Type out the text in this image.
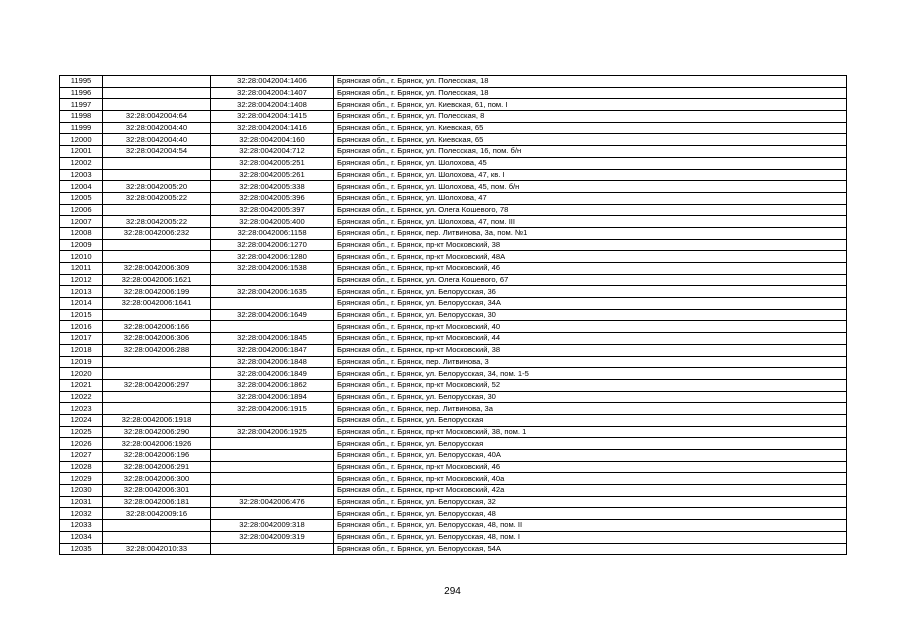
11995		32:28:0042004:1406	Брянская обл., г. Брянск, ул. Полесская, 18
11996		32:28:0042004:1407	Брянская обл., г. Брянск, ул. Полесская, 18
11997		32:28:0042004:1408	Брянская обл., г. Брянск, ул. Киевская, 61, пом. I
11998	32:28:0042004:64	32:28:0042004:1415	Брянская обл., г. Брянск, ул. Полесская, 8
11999	32:28:0042004:40	32:28:0042004:1416	Брянская обл., г. Брянск, ул. Киевская, 65
12000	32:28:0042004:40	32:28:0042004:160	Брянская обл., г. Брянск, ул. Киевская, 65
12001	32:28:0042004:54	32:28:0042004:712	Брянская обл., г. Брянск, ул. Полесская, 16, пом. б/н
12002		32:28:0042005:251	Брянская обл., г. Брянск, ул. Шолохова, 45
12003		32:28:0042005:261	Брянская обл., г. Брянск, ул. Шолохова, 47, кв. I
12004	32:28:0042005:20	32:28:0042005:338	Брянская обл., г. Брянск, ул. Шолохова, 45, пом. б/н
12005	32:28:0042005:22	32:28:0042005:396	Брянская обл., г. Брянск, ул. Шолохова, 47
12006		32:28:0042005:397	Брянская обл., г. Брянск, ул. Олега Кошевого, 78
12007	32:28:0042005:22	32:28:0042005:400	Брянская обл., г. Брянск, ул. Шолохова, 47, пом. III
12008	32:28:0042006:232	32:28:0042006:1158	Брянская обл., г. Брянск, пер. Литвинова, 3а, пом. №1
12009		32:28:0042006:1270	Брянская обл., г. Брянск, пр-кт Московский, 38
12010		32:28:0042006:1280	Брянская обл., г. Брянск, пр-кт Московский, 48А
12011	32:28:0042006:309	32:28:0042006:1538	Брянская обл., г. Брянск, пр-кт Московский, 46
12012	32:28:0042006:1621		Брянская обл., г. Брянск, ул. Олега Кошевого, 67
12013	32:28:0042006:199	32:28:0042006:1635	Брянская обл., г. Брянск, ул. Белорусская, 36
12014	32:28:0042006:1641		Брянская обл., г. Брянск, ул. Белорусская, 34А
12015		32:28:0042006:1649	Брянская обл., г. Брянск, ул. Белорусская, 30
12016	32:28:0042006:166		Брянская обл., г. Брянск, пр-кт Московский, 40
12017	32:28:0042006:306	32:28:0042006:1845	Брянская обл., г. Брянск, пр-кт Московский, 44
12018	32:28:0042006:288	32:28:0042006:1847	Брянская обл., г. Брянск, пр-кт Московский, 38
12019		32:28:0042006:1848	Брянская обл., г. Брянск, пер. Литвинова, 3
12020		32:28:0042006:1849	Брянская обл., г. Брянск, ул. Белорусская, 34, пом. 1-5
12021	32:28:0042006:297	32:28:0042006:1862	Брянская обл., г. Брянск, пр-кт Московский, 52
12022		32:28:0042006:1894	Брянская обл., г. Брянск, ул. Белорусская, 30
12023		32:28:0042006:1915	Брянская обл., г. Брянск, пер. Литвинова, 3а
12024	32:28:0042006:1918		Брянская обл., г. Брянск, ул. Белорусская
12025	32:28:0042006:290	32:28:0042006:1925	Брянская обл., г. Брянск, пр-кт Московский, 38, пом. 1
12026	32:28:0042006:1926		Брянская обл., г. Брянск, ул. Белорусская
12027	32:28:0042006:196		Брянская обл., г. Брянск, ул. Белорусская, 40А
12028	32:28:0042006:291		Брянская обл., г. Брянск, пр-кт Московский, 46
12029	32:28:0042006:300		Брянская обл., г. Брянск, пр-кт Московский, 40а
12030	32:28:0042006:301		Брянская обл., г. Брянск, пр-кт Московский, 42а
12031	32:28:0042006:181	32:28:0042006:476	Брянская обл., г. Брянск, ул. Белорусская, 32
12032	32:28:0042009:16		Брянская обл., г. Брянск, ул. Белорусская, 48
12033		32:28:0042009:318	Брянская обл., г. Брянск, ул. Белорусская, 48, пом. II
12034		32:28:0042009:319	Брянская обл., г. Брянск, ул. Белорусская, 48, пом. I
12035	32:28:0042010:33		Брянская обл., г. Брянск, ул. Белорусская, 54А
294
